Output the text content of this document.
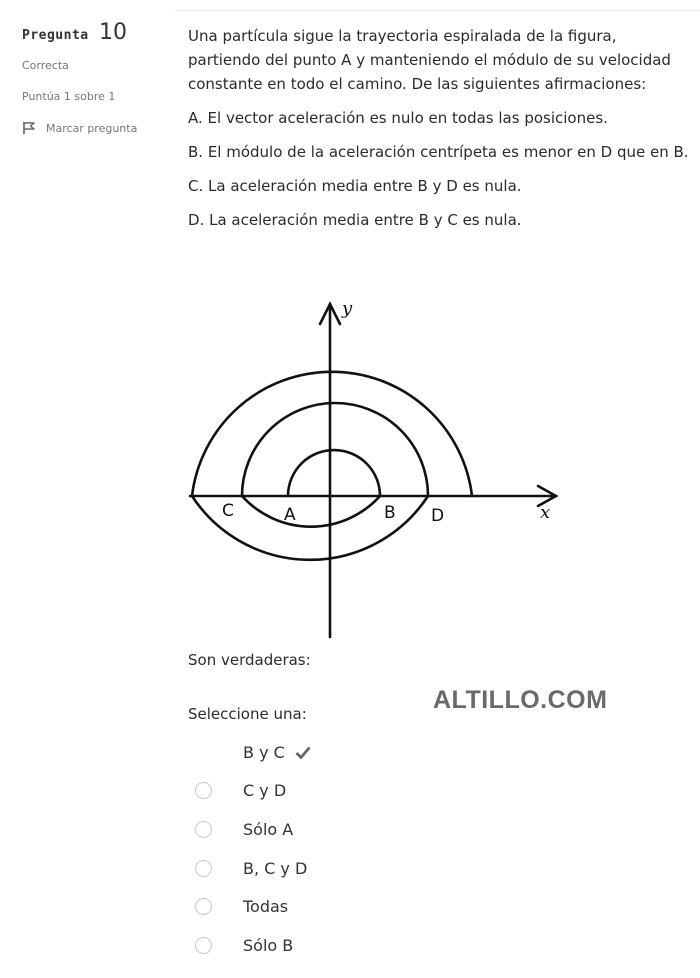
Pregunta 10
Correcta
Puntúa 1 sobre 1
Marcar pregunta

Una partícula sigue la trayectoria espiralada de la figura, partiendo del punto A y manteniendo el módulo de su velocidad constante en todo el camino. De las siguientes afirmaciones:

A. El vector aceleración es nulo en todas las posiciones.

B. El módulo de la aceleración centrípeta es menor en D que en B.

C. La aceleración media entre B y D es nula.

D. La aceleración media entre B y C es nula.

A	B
C	D
y
x
Son verdaderas:
ALTILLO.COM
Seleccione una:
B y C
C y D
Sólo A
B, C y D
Todas
Sólo B
